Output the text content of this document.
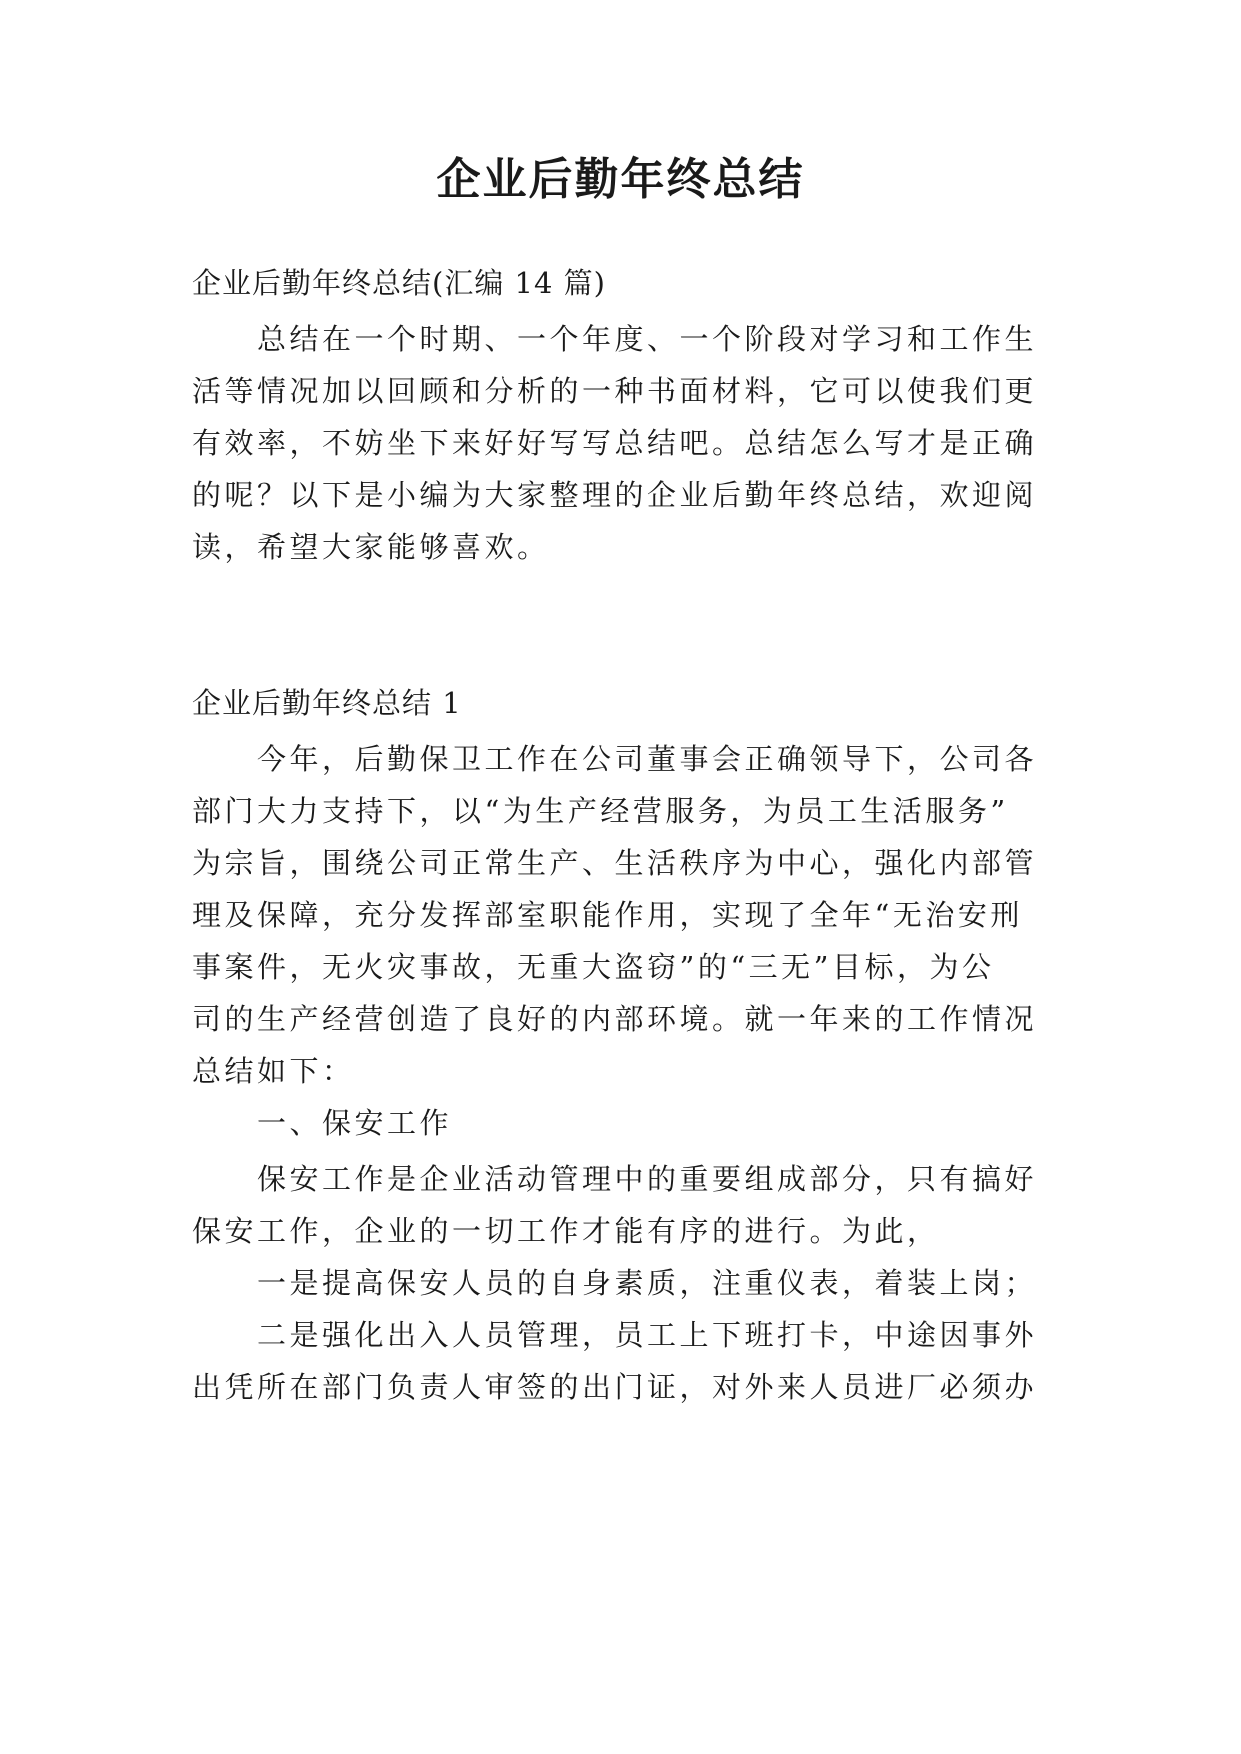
企业后勤年终总结
企业后勤年终总结(汇编 14 篇)
总结在一个时期、一个年度、一个阶段对学习和工作生
活等情况加以回顾和分析的一种书面材料，它可以使我们更
有效率，不妨坐下来好好写写总结吧。总结怎么写才是正确
的呢？以下是小编为大家整理的企业后勤年终总结，欢迎阅
读，希望大家能够喜欢。
企业后勤年终总结 1
今年，后勤保卫工作在公司董事会正确领导下，公司各
部门大力支持下，以“为生产经营服务，为员工生活服务”
为宗旨，围绕公司正常生产、生活秩序为中心，强化内部管
理及保障，充分发挥部室职能作用，实现了全年“无治安刑
事案件，无火灾事故，无重大盗窃”的“三无”目标，为公
司的生产经营创造了良好的内部环境。就一年来的工作情况
总结如下：
一、保安工作
保安工作是企业活动管理中的重要组成部分，只有搞好
保安工作，企业的一切工作才能有序的进行。为此，
一是提高保安人员的自身素质，注重仪表，着装上岗；
二是强化出入人员管理，员工上下班打卡，中途因事外
出凭所在部门负责人审签的出门证，对外来人员进厂必须办
